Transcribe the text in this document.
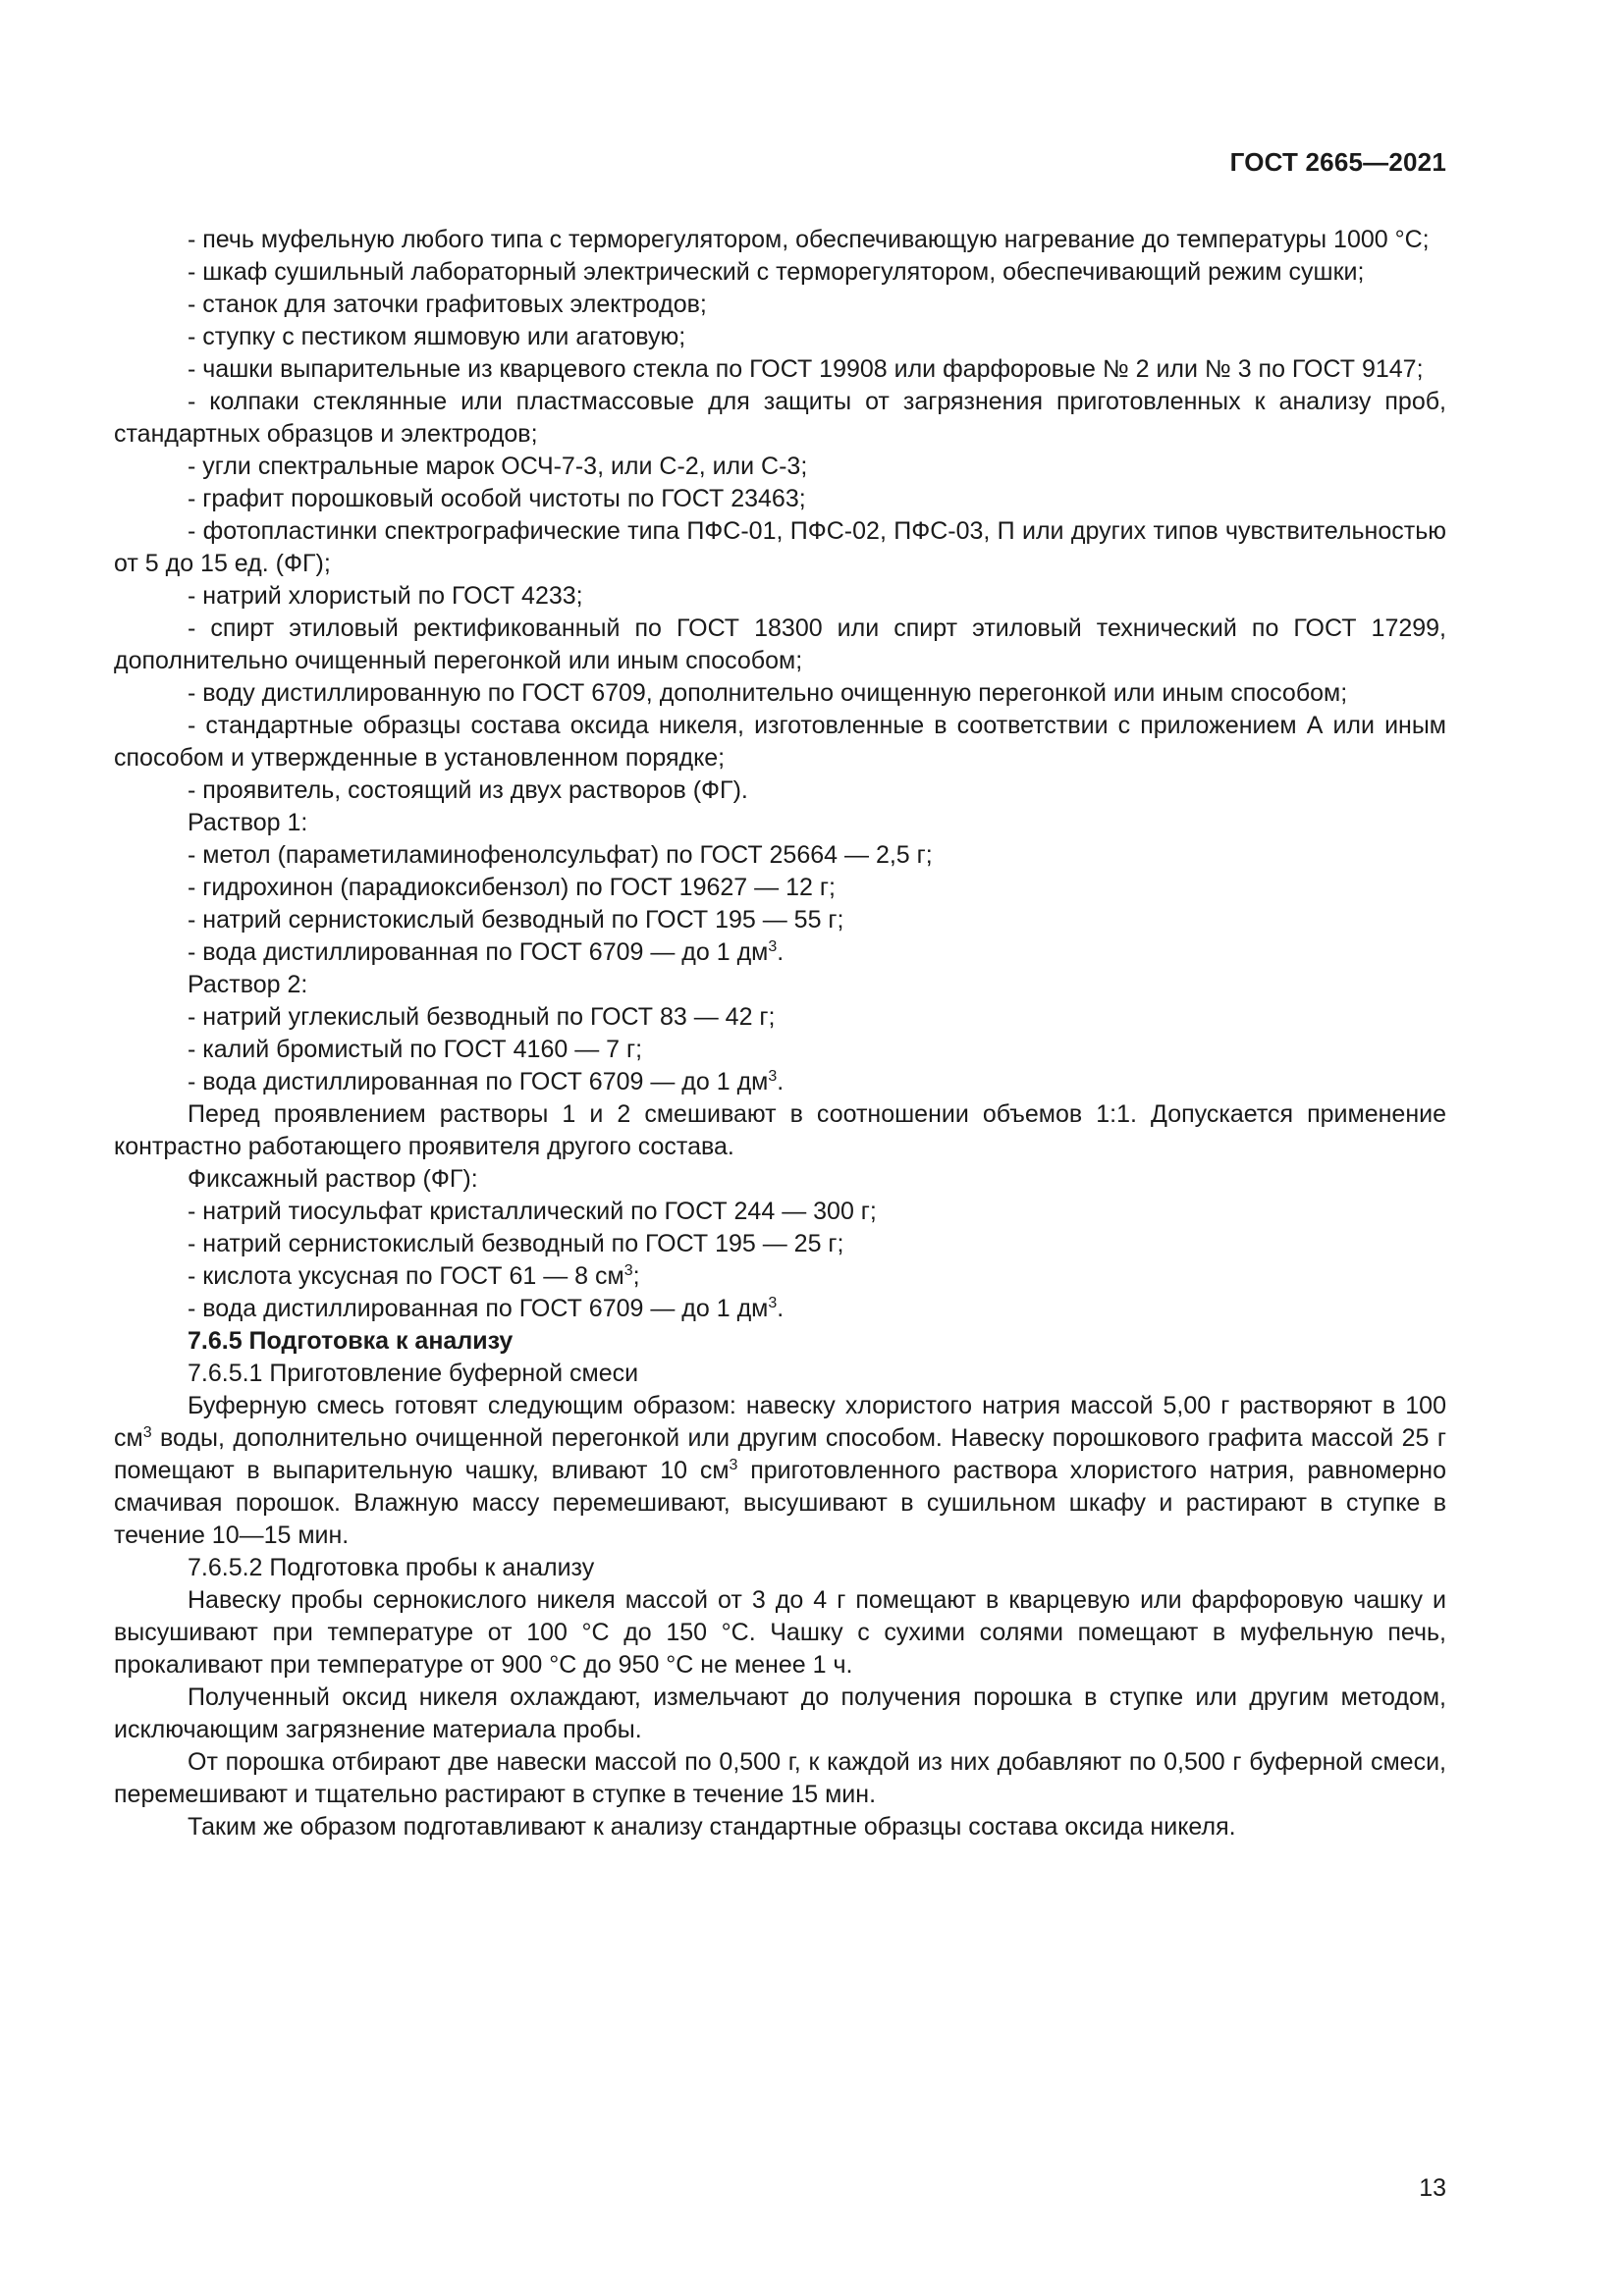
ГОСТ 2665—2021

- печь муфельную любого типа с терморегулятором, обеспечивающую нагревание до температуры 1000 °С;

- шкаф сушильный лабораторный электрический с терморегулятором, обеспечивающий режим сушки;

- станок для заточки графитовых электродов;

- ступку с пестиком яшмовую или агатовую;

- чашки выпарительные из кварцевого стекла по ГОСТ 19908 или фарфоровые № 2 или № 3 по ГОСТ 9147;

- колпаки стеклянные или пластмассовые для защиты от загрязнения приготовленных к анализу проб, стандартных образцов и электродов;

- угли спектральные марок ОСЧ-7-3, или С-2, или С-3;

- графит порошковый особой чистоты по ГОСТ 23463;

- фотопластинки спектрографические типа ПФС-01, ПФС-02, ПФС-03, П или других типов чувствительностью от 5 до 15 ед. (ФГ);

- натрий хлористый по ГОСТ 4233;

- спирт этиловый ректификованный по ГОСТ 18300 или спирт этиловый технический по ГОСТ 17299, дополнительно очищенный перегонкой или иным способом;

- воду дистиллированную по ГОСТ 6709, дополнительно очищенную перегонкой или иным способом;

- стандартные образцы состава оксида никеля, изготовленные в соответствии с приложением А или иным способом и утвержденные в установленном порядке;

- проявитель, состоящий из двух растворов (ФГ).

Раствор 1:

- метол (параметиламинофенолсульфат) по ГОСТ 25664 — 2,5 г;

- гидрохинон (парадиоксибензол) по ГОСТ 19627 — 12 г;

- натрий сернистокислый безводный по ГОСТ 195 — 55 г;

- вода дистиллированная по ГОСТ 6709 — до 1 $дм^3$.

Раствор 2:

- натрий углекислый безводный по ГОСТ 83 — 42 г;

- калий бромистый по ГОСТ 4160 — 7 г;

- вода дистиллированная по ГОСТ 6709 — до 1 $дм^3$.

Перед проявлением растворы 1 и 2 смешивают в соотношении объемов 1:1. Допускается применение контрастно работающего проявителя другого состава.

Фиксажный раствор (ФГ):

- натрий тиосульфат кристаллический по ГОСТ 244 — 300 г;

- натрий сернистокислый безводный по ГОСТ 195 — 25 г;

- кислота уксусная по ГОСТ 61 — 8 $см^3$;

- вода дистиллированная по ГОСТ 6709 — до 1 $дм^3$.

7.6.5 Подготовка к анализу

7.6.5.1 Приготовление буферной смеси

Буферную смесь готовят следующим образом: навеску хлористого натрия массой 5,00 г растворяют в 100 $см^3$ воды, дополнительно очищенной перегонкой или другим способом. Навеску порошкового графита массой 25 г помещают в выпарительную чашку, вливают 10 $см^3$ приготовленного раствора хлористого натрия, равномерно смачивая порошок. Влажную массу перемешивают, высушивают в сушильном шкафу и растирают в ступке в течение 10—15 мин.

7.6.5.2 Подготовка пробы к анализу

Навеску пробы сернокислого никеля массой от 3 до 4 г помещают в кварцевую или фарфоровую чашку и высушивают при температуре от 100 °С до 150 °С. Чашку с сухими солями помещают в муфельную печь, прокаливают при температуре от 900 °С до 950 °С не менее 1 ч.

Полученный оксид никеля охлаждают, измельчают до получения порошка в ступке или другим методом, исключающим загрязнение материала пробы.

От порошка отбирают две навески массой по 0,500 г, к каждой из них добавляют по 0,500 г буферной смеси, перемешивают и тщательно растирают в ступке в течение 15 мин.

Таким же образом подготавливают к анализу стандартные образцы состава оксида никеля.

13
